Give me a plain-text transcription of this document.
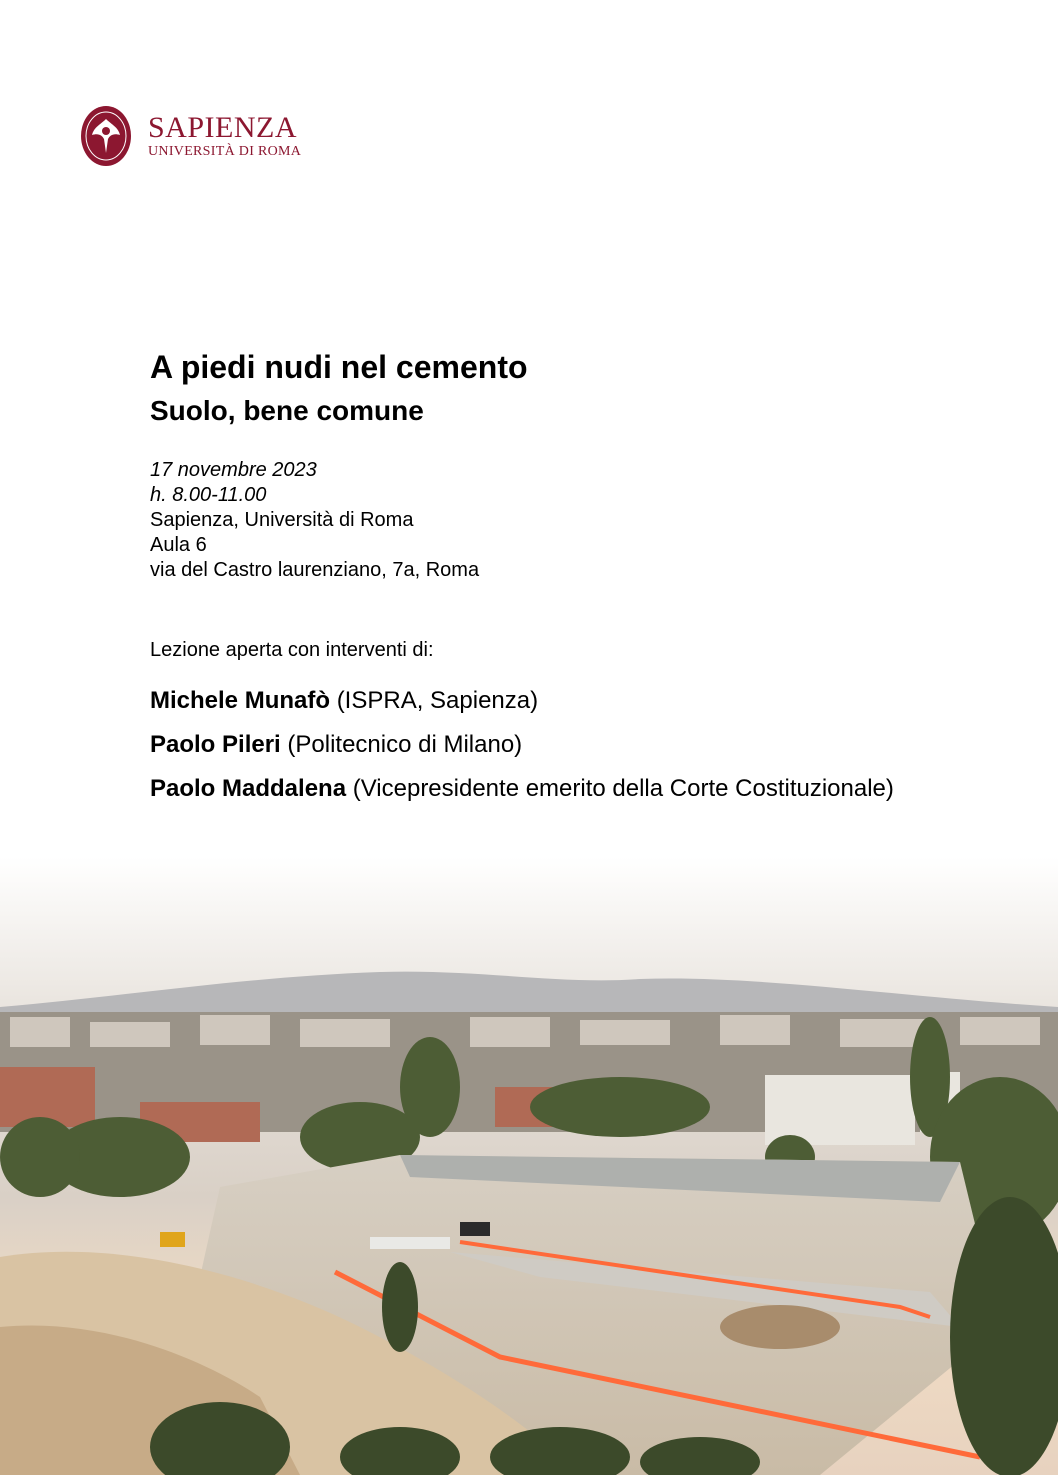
SAPIENZA
UNIVERSITÀ DI ROMA
A piedi nudi nel cemento
Suolo, bene comune
17 novembre 2023
h. 8.00-11.00
Sapienza, Università di Roma
Aula 6
via del Castro laurenziano, 7a, Roma
Lezione aperta con interventi di:
Michele Munafò (ISPRA, Sapienza)
Paolo Pileri (Politecnico di Milano)
Paolo Maddalena (Vicepresidente emerito della Corte Costituzionale)
